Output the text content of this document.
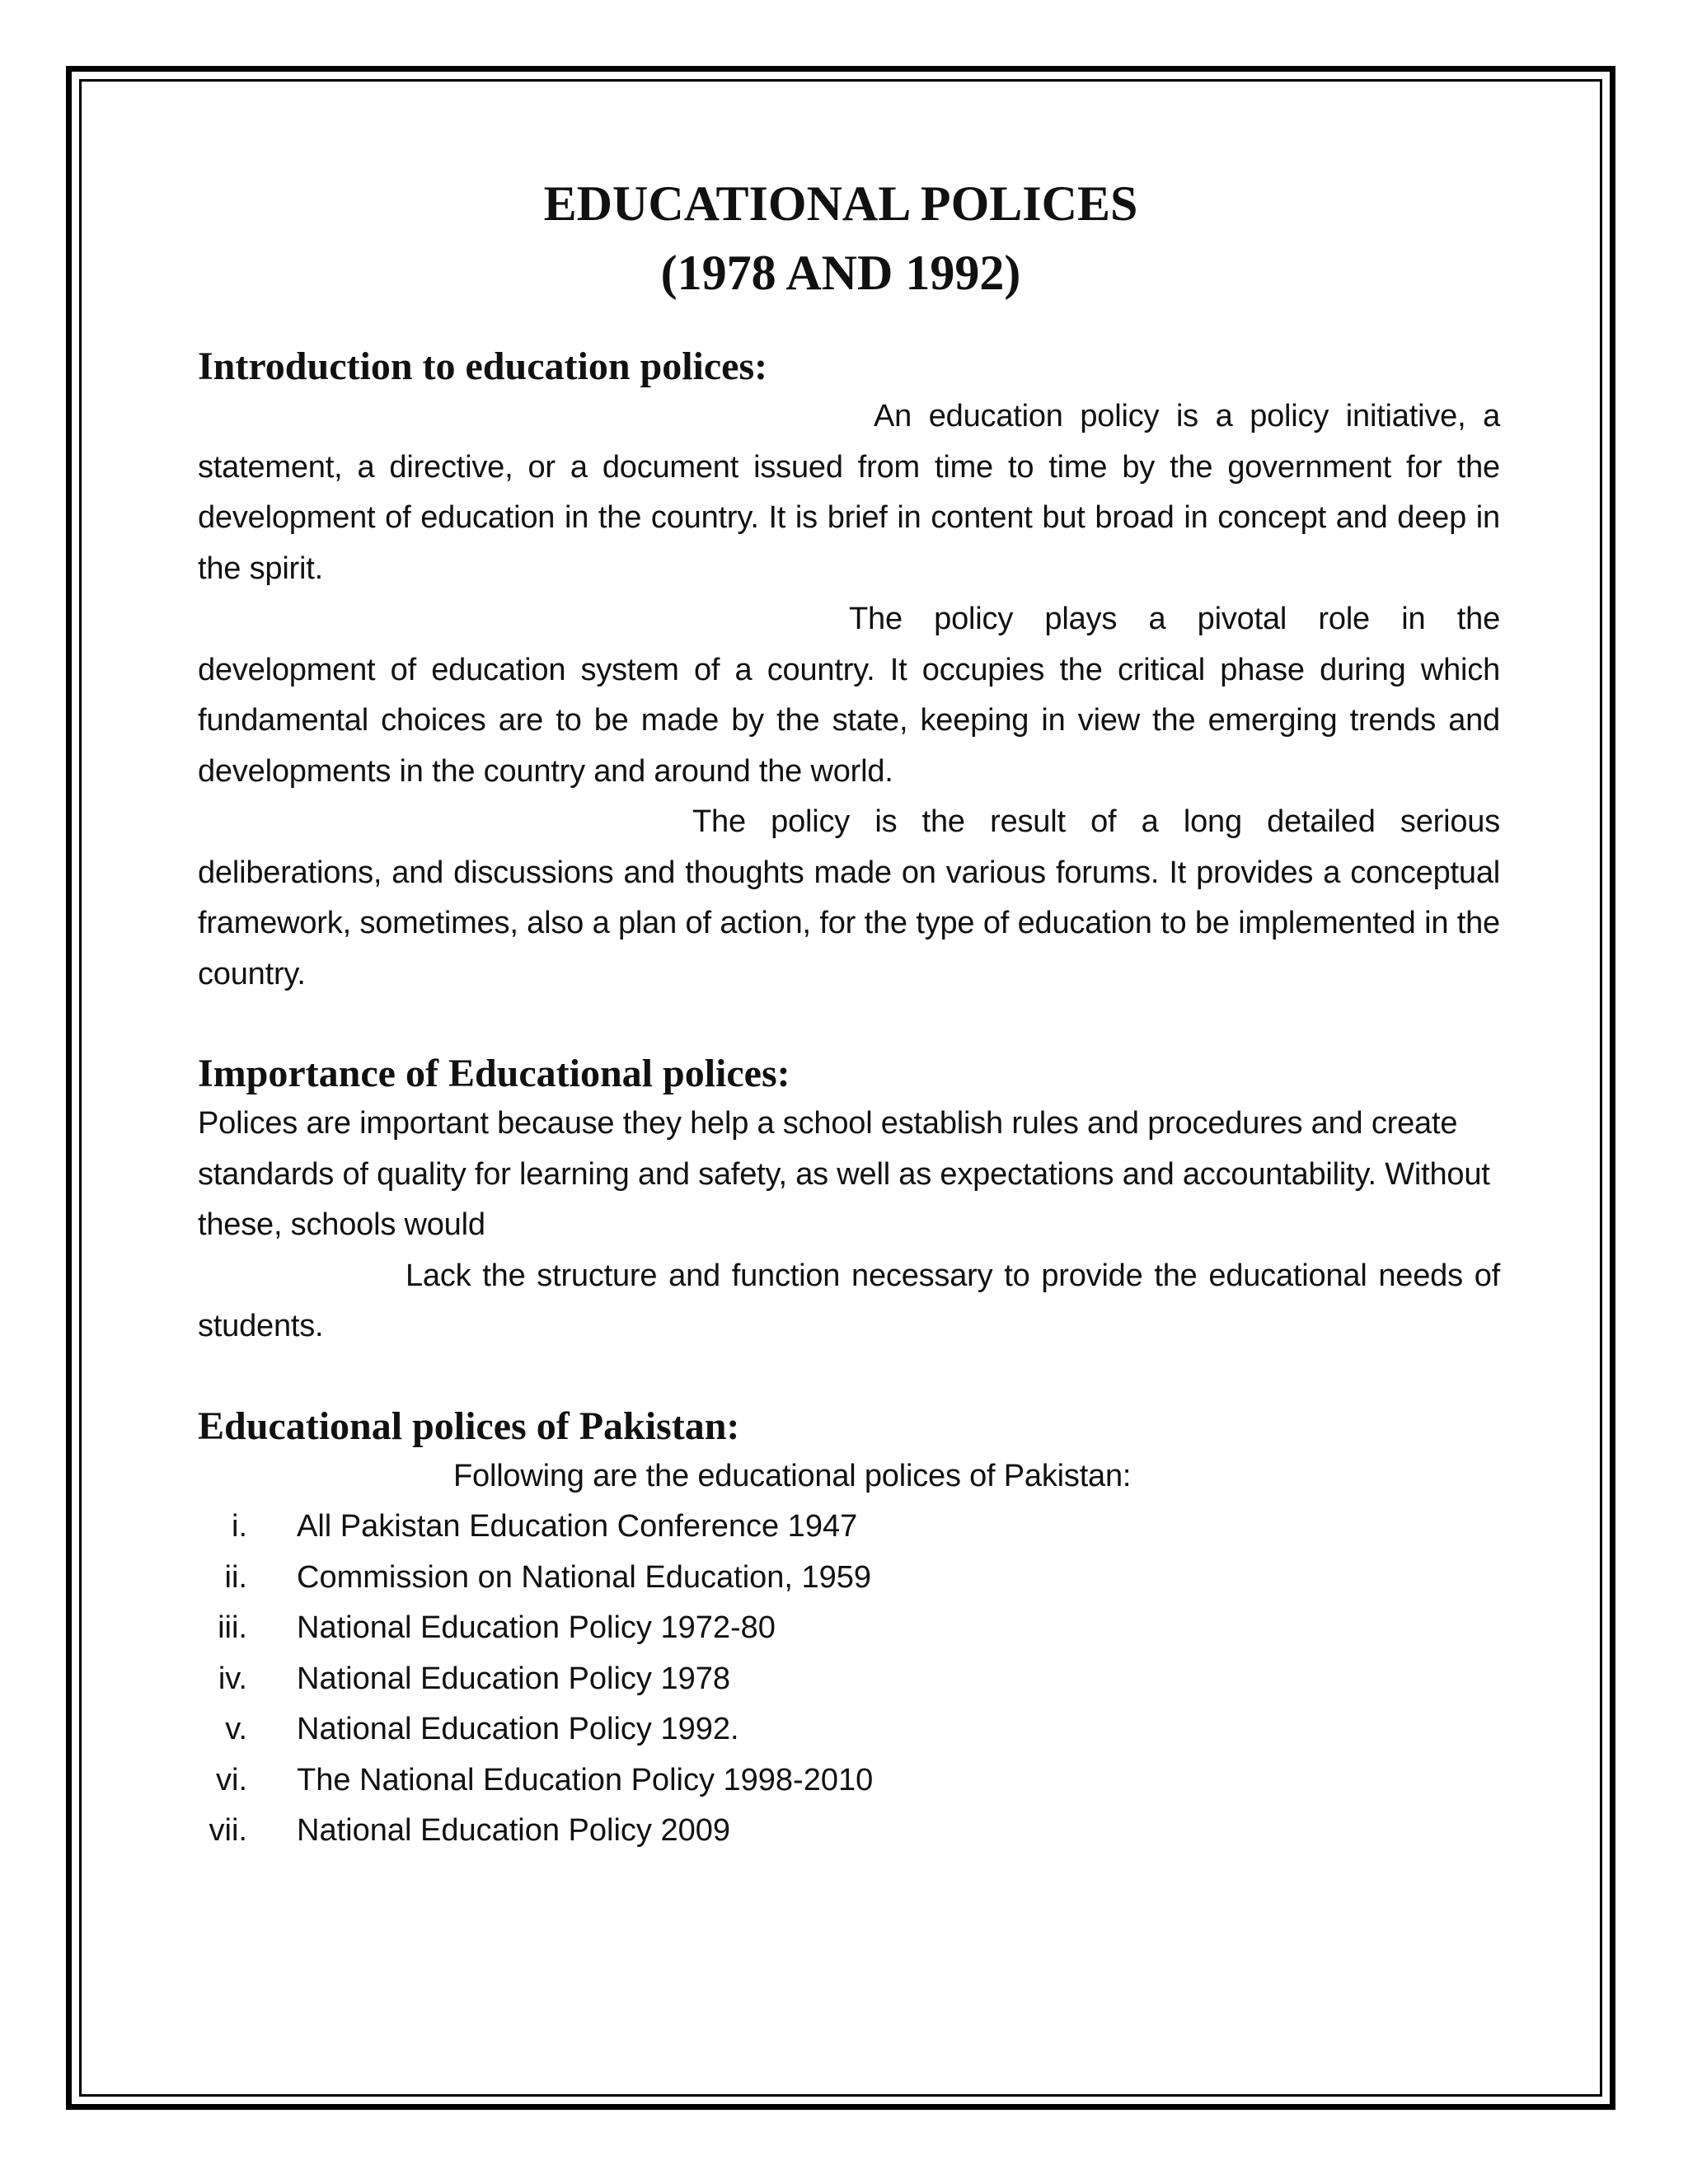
EDUCATIONAL POLICES
(1978 AND 1992)
Introduction to education polices:

An education policy is a policy initiative, a statement, a directive, or a document issued from time to time by the government for the development of education in the country. It is brief in content but broad in concept and deep in the spirit.

The policy plays a pivotal role in the development of education system of a country. It occupies the critical phase during which fundamental choices are to be made by the state, keeping in view the emerging trends and developments in the country and around the world.

The policy is the result of a long detailed serious deliberations, and discussions and thoughts made on various forums. It provides a conceptual framework, sometimes, also a plan of action, for the type of education to be implemented in the country.

Importance of Educational polices:

Polices are important because they help a school establish rules and procedures and create standards of quality for learning and safety, as well as expectations and accountability. Without these, schools would

Lack the structure and function necessary to provide the educational needs of students.

Educational polices of Pakistan:

Following are the educational polices of Pakistan:

i. All Pakistan Education Conference 1947
ii. Commission on National Education, 1959
iii. National Education Policy 1972-80
iv. National Education Policy 1978
v. National Education Policy 1992.
vi. The National Education Policy 1998-2010
vii. National Education Policy 2009
